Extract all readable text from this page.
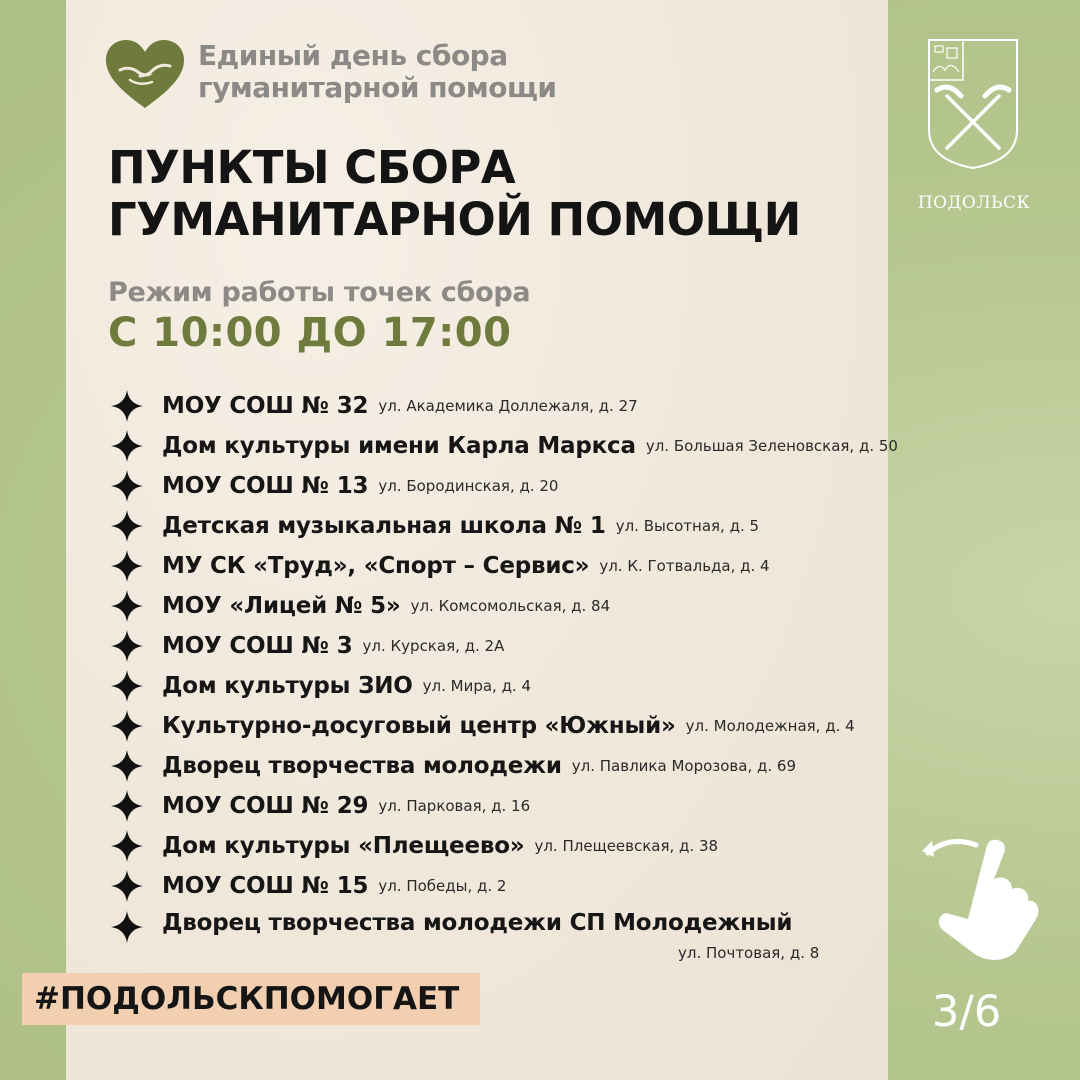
Единый день сбора
гуманитарной помощи
ПУНКТЫ СБОРА
ГУМАНИТАРНОЙ ПОМОЩИ
Режим работы точек сбора
С 10:00 ДО 17:00
МОУ СОШ № 32 ул. Академика Доллежаля, д. 27
Дом культуры имени Карла Маркса ул. Большая Зеленовская, д. 50
МОУ СОШ № 13 ул. Бородинская, д. 20
Детская музыкальная школа № 1 ул. Высотная, д. 5
МУ СК «Труд», «Спорт – Сервис» ул. К. Готвальда, д. 4
МОУ «Лицей № 5» ул. Комсомольская, д. 84
МОУ СОШ № 3 ул. Курская, д. 2А
Дом культуры ЗИО ул. Мира, д. 4
Культурно-досуговый центр «Южный» ул. Молодежная, д. 4
Дворец творчества молодежи ул. Павлика Морозова, д. 69
МОУ СОШ № 29 ул. Парковая, д. 16
Дом культуры «Плещеево» ул. Плещеевская, д. 38
МОУ СОШ № 15 ул. Победы, д. 2
Дворец творчества молодежи СП Молодежный
ул. Почтовая, д. 8
#ПОДОЛЬСКПОМОГАЕТ
ПОДОЛЬСК
3/6
